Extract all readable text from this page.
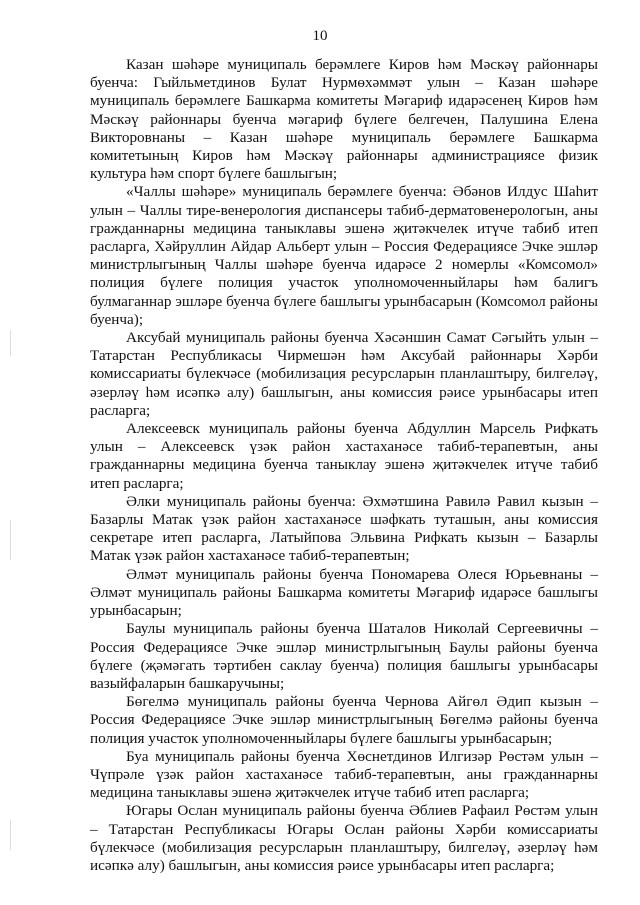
10

Казан шәһәре муниципаль берәмлеге Киров һәм Мәскәү районнары буенча: Гыйльметдинов Булат Нурмөхәммәт улын – Казан шәһәре муниципаль берәмлеге Башкарма комитеты Мәгариф идарәсенең Киров һәм Мәскәү районнары буенча мәгариф бүлеге белгечен, Палушина Елена Викторовнаны – Казан шәһәре муниципаль берәмлеге Башкарма комитетының Киров һәм Мәскәү районнары администрациясе физик культура һәм спорт бүлеге башлыгын;

«Чаллы шәһәре» муниципаль берәмлеге буенча: Әбәнов Илдус Шаһит улын – Чаллы тире-венерология диспансеры табиб-дерматовенерологын, аны гражданнарны медицина таныклавы эшенә җитәкчелек итүче табиб итеп расларга, Хәйруллин Айдар Альберт улын – Россия Федерациясе Эчке эшләр министрлыгының Чаллы шәһәре буенча идарәсе 2 номерлы «Комсомол» полиция бүлеге полиция участок уполномоченныйлары һәм балигъ булмаганнар эшләре буенча бүлеге башлыгы урынбасарын (Комсомол районы буенча);

Аксубай муниципаль районы буенча Хәсәншин Самат Сәгыйть улын – Татарстан Республикасы Чирмешән һәм Аксубай районнары Хәрби комиссариаты бүлекчәсе (мобилизация ресурсларын планлаштыру, билгеләү, әзерләү һәм исәпкә алу) башлыгын, аны комиссия рәисе урынбасары итеп расларга;

Алексеевск муниципаль районы буенча Абдуллин Марсель Рифкать улын – Алексеевск үзәк район хастаханәсе табиб-терапевтын, аны гражданнарны медицина буенча таныклау эшенә җитәкчелек итүче табиб итеп расларга;

Әлки муниципаль районы буенча: Әхмәтшина Равилә Равил кызын – Базарлы Матак үзәк район хастаханәсе шәфкать туташын, аны комиссия секретаре итеп расларга, Латыйпова Эльвина Рифкать кызын – Базарлы Матак үзәк район хастаханәсе табиб-терапевтын;

Әлмәт муниципаль районы буенча Пономарева Олеся Юрьевнаны – Әлмәт муниципаль районы Башкарма комитеты Мәгариф идарәсе башлыгы урынбасарын;

Баулы муниципаль районы буенча Шаталов Николай Сергеевичны – Россия Федерациясе Эчке эшләр министрлыгының Баулы районы буенча бүлеге (җәмәгать тәртибен саклау буенча) полиция башлыгы урынбасары вазыйфаларын башкаручыны;

Бөгелмә муниципаль районы буенча Чернова Айгөл Әдип кызын – Россия Федерациясе Эчке эшләр министрлыгының Бөгелмә районы буенча полиция участок уполномоченныйлары бүлеге башлыгы урынбасарын;

Буа муниципаль районы буенча Хөснетдинов Илгизәр Рөстәм улын – Чүпрәле үзәк район хастаханәсе табиб-терапевтын, аны гражданнарны медицина таныклавы эшенә җитәкчелек итүче табиб итеп расларга;

Югары Ослан муниципаль районы буенча Әблиев Рафаил Рөстәм улын – Татарстан Республикасы Югары Ослан районы Хәрби комиссариаты бүлекчәсе (мобилизация ресурсларын планлаштыру, билгеләү, әзерләү һәм исәпкә алу) башлыгын, аны комиссия рәисе урынбасары итеп расларга;
